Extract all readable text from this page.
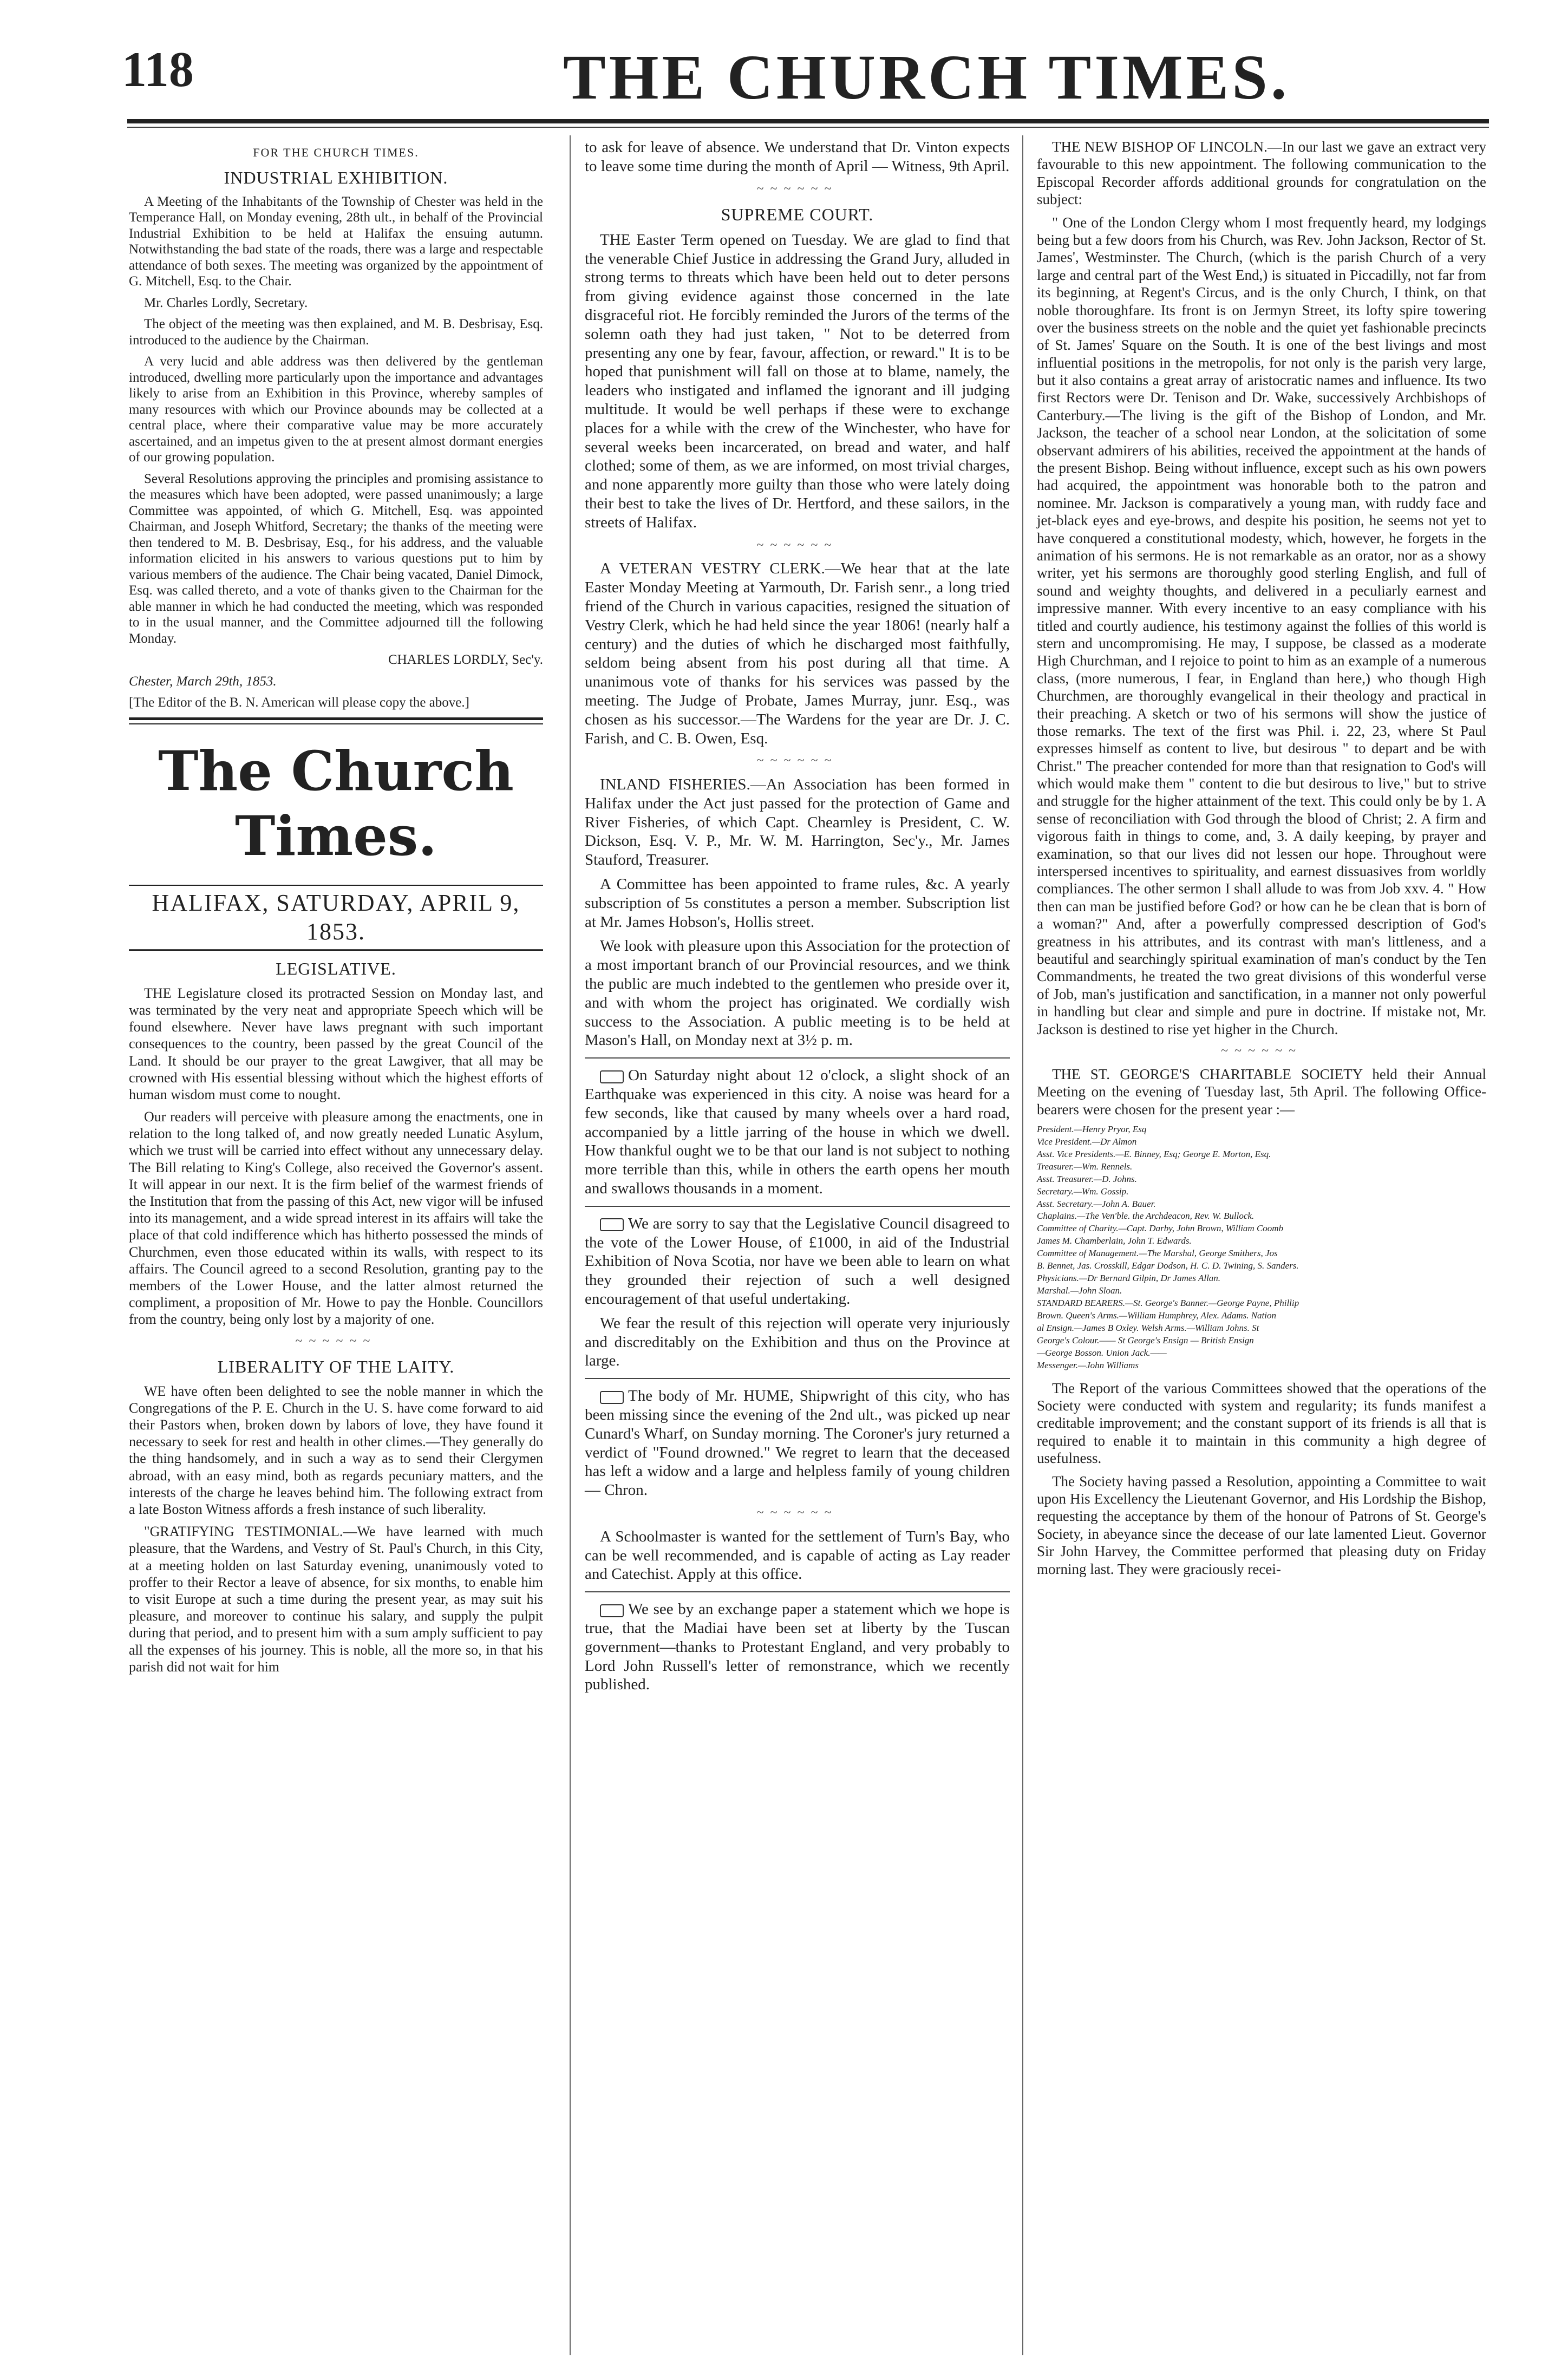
118	THE CHURCH TIMES.
FOR THE CHURCH TIMES.
INDUSTRIAL EXHIBITION.

A Meeting of the Inhabitants of the Township of Chester was held in the Temperance Hall, on Monday evening, 28th ult., in behalf of the Provincial Industrial Exhibition to be held at Halifax the ensuing autumn. Notwithstanding the bad state of the roads, there was a large and respectable attendance of both sexes. The meeting was organized by the appointment of G. Mitchell, Esq. to the Chair.

Mr. Charles Lordly, Secretary.

The object of the meeting was then explained, and M. B. Desbrisay, Esq. introduced to the audience by the Chairman.

A very lucid and able address was then delivered by the gentleman introduced, dwelling more particularly upon the importance and advantages likely to arise from an Exhibition in this Province, whereby samples of many resources with which our Province abounds may be collected at a central place, where their comparative value may be more accurately ascertained, and an impetus given to the at present almost dormant energies of our growing population.

Several Resolutions approving the principles and promising assistance to the measures which have been adopted, were passed unanimously; a large Committee was appointed, of which G. Mitchell, Esq. was appointed Chairman, and Joseph Whitford, Secretary; the thanks of the meeting were then tendered to M. B. Desbrisay, Esq., for his address, and the valuable information elicited in his answers to various questions put to him by various members of the audience. The Chair being vacated, Daniel Dimock, Esq. was called thereto, and a vote of thanks given to the Chairman for the able manner in which he had conducted the meeting, which was responded to in the usual manner, and the Committee adjourned till the following Monday.

CHARLES LORDLY, Sec'y.

Chester, March 29th, 1853.

[The Editor of the B. N. American will please copy the above.]

The Church Times.
HALIFAX, SATURDAY, APRIL 9, 1853.
LEGISLATIVE.

THE Legislature closed its protracted Session on Monday last, and was terminated by the very neat and appropriate Speech which will be found elsewhere. Never have laws pregnant with such important consequences to the country, been passed by the great Council of the Land. It should be our prayer to the great Lawgiver, that all may be crowned with His essential blessing without which the highest efforts of human wisdom must come to nought.

Our readers will perceive with pleasure among the enactments, one in relation to the long talked of, and now greatly needed Lunatic Asylum, which we trust will be carried into effect without any unnecessary delay. The Bill relating to King's College, also received the Governor's assent. It will appear in our next. It is the firm belief of the warmest friends of the Institution that from the passing of this Act, new vigor will be infused into its management, and a wide spread interest in its affairs will take the place of that cold indifference which has hitherto possessed the minds of Churchmen, even those educated within its walls, with respect to its affairs. The Council agreed to a second Resolution, granting pay to the members of the Lower House, and the latter almost returned the compliment, a proposition of Mr. Howe to pay the Honble. Councillors from the country, being only lost by a majority of one.

~~~~~~
LIBERALITY OF THE LAITY.

WE have often been delighted to see the noble manner in which the Congregations of the P. E. Church in the U. S. have come forward to aid their Pastors when, broken down by labors of love, they have found it necessary to seek for rest and health in other climes.—They generally do the thing handsomely, and in such a way as to send their Clergymen abroad, with an easy mind, both as regards pecuniary matters, and the interests of the charge he leaves behind him. The following extract from a late Boston Witness affords a fresh instance of such liberality.

"GRATIFYING TESTIMONIAL.—We have learned with much pleasure, that the Wardens, and Vestry of St. Paul's Church, in this City, at a meeting holden on last Saturday evening, unanimously voted to proffer to their Rector a leave of absence, for six months, to enable him to visit Europe at such a time during the present year, as may suit his pleasure, and moreover to continue his salary, and supply the pulpit during that period, and to present him with a sum amply sufficient to pay all the expenses of his journey. This is noble, all the more so, in that his parish did not wait for him

to ask for leave of absence. We understand that Dr. Vinton expects to leave some time during the month of April — Witness, 9th April.

~~~~~~
SUPREME COURT.

THE Easter Term opened on Tuesday. We are glad to find that the venerable Chief Justice in addressing the Grand Jury, alluded in strong terms to threats which have been held out to deter persons from giving evidence against those concerned in the late disgraceful riot. He forcibly reminded the Jurors of the terms of the solemn oath they had just taken, " Not to be deterred from presenting any one by fear, favour, affection, or reward." It is to be hoped that punishment will fall on those at to blame, namely, the leaders who instigated and inflamed the ignorant and ill judging multitude. It would be well perhaps if these were to exchange places for a while with the crew of the Winchester, who have for several weeks been incarcerated, on bread and water, and half clothed; some of them, as we are informed, on most trivial charges, and none apparently more guilty than those who were lately doing their best to take the lives of Dr. Hertford, and these sailors, in the streets of Halifax.

~~~~~~

A VETERAN VESTRY CLERK.—We hear that at the late Easter Monday Meeting at Yarmouth, Dr. Farish senr., a long tried friend of the Church in various capacities, resigned the situation of Vestry Clerk, which he had held since the year 1806! (nearly half a century) and the duties of which he discharged most faithfully, seldom being absent from his post during all that time. A unanimous vote of thanks for his services was passed by the meeting. The Judge of Probate, James Murray, junr. Esq., was chosen as his successor.—The Wardens for the year are Dr. J. C. Farish, and C. B. Owen, Esq.

~~~~~~

INLAND FISHERIES.—An Association has been formed in Halifax under the Act just passed for the protection of Game and River Fisheries, of which Capt. Chearnley is President, C. W. Dickson, Esq. V. P., Mr. W. M. Harrington, Sec'y., Mr. James Stauford, Treasurer.

A Committee has been appointed to frame rules, &c. A yearly subscription of 5s constitutes a person a member. Subscription list at Mr. James Hobson's, Hollis street.

We look with pleasure upon this Association for the protection of a most important branch of our Provincial resources, and we think the public are much indebted to the gentlemen who preside over it, and with whom the project has originated. We cordially wish success to the Association. A public meeting is to be held at Mason's Hall, on Monday next at 3½ p. m.

On Saturday night about 12 o'clock, a slight shock of an Earthquake was experienced in this city. A noise was heard for a few seconds, like that caused by many wheels over a hard road, accompanied by a little jarring of the house in which we dwell. How thankful ought we to be that our land is not subject to nothing more terrible than this, while in others the earth opens her mouth and swallows thousands in a moment.

We are sorry to say that the Legislative Council disagreed to the vote of the Lower House, of £1000, in aid of the Industrial Exhibition of Nova Scotia, nor have we been able to learn on what they grounded their rejection of such a well designed encouragement of that useful undertaking.

We fear the result of this rejection will operate very injuriously and discreditably on the Exhibition and thus on the Province at large.

The body of Mr. HUME, Shipwright of this city, who has been missing since the evening of the 2nd ult., was picked up near Cunard's Wharf, on Sunday morning. The Coroner's jury returned a verdict of "Found drowned." We regret to learn that the deceased has left a widow and a large and helpless family of young children — Chron.

~~~~~~

A Schoolmaster is wanted for the settlement of Turn's Bay, who can be well recommended, and is capable of acting as Lay reader and Catechist. Apply at this office.

We see by an exchange paper a statement which we hope is true, that the Madiai have been set at liberty by the Tuscan government—thanks to Protestant England, and very probably to Lord John Russell's letter of remonstrance, which we recently published.

THE NEW BISHOP OF LINCOLN.—In our last we gave an extract very favourable to this new appointment. The following communication to the Episcopal Recorder affords additional grounds for congratulation on the subject:

" One of the London Clergy whom I most frequently heard, my lodgings being but a few doors from his Church, was Rev. John Jackson, Rector of St. James', Westminster. The Church, (which is the parish Church of a very large and central part of the West End,) is situated in Piccadilly, not far from its beginning, at Regent's Circus, and is the only Church, I think, on that noble thoroughfare. Its front is on Jermyn Street, its lofty spire towering over the business streets on the noble and the quiet yet fashionable precincts of St. James' Square on the South. It is one of the best livings and most influential positions in the metropolis, for not only is the parish very large, but it also contains a great array of aristocratic names and influence. Its two first Rectors were Dr. Tenison and Dr. Wake, successively Archbishops of Canterbury.—The living is the gift of the Bishop of London, and Mr. Jackson, the teacher of a school near London, at the solicitation of some observant admirers of his abilities, received the appointment at the hands of the present Bishop. Being without influence, except such as his own powers had acquired, the appointment was honorable both to the patron and nominee. Mr. Jackson is comparatively a young man, with ruddy face and jet-black eyes and eye-brows, and despite his position, he seems not yet to have conquered a constitutional modesty, which, however, he forgets in the animation of his sermons. He is not remarkable as an orator, nor as a showy writer, yet his sermons are thoroughly good sterling English, and full of sound and weighty thoughts, and delivered in a peculiarly earnest and impressive manner. With every incentive to an easy compliance with his titled and courtly audience, his testimony against the follies of this world is stern and uncompromising. He may, I suppose, be classed as a moderate High Churchman, and I rejoice to point to him as an example of a numerous class, (more numerous, I fear, in England than here,) who though High Churchmen, are thoroughly evangelical in their theology and practical in their preaching. A sketch or two of his sermons will show the justice of those remarks. The text of the first was Phil. i. 22, 23, where St Paul expresses himself as content to live, but desirous " to depart and be with Christ." The preacher contended for more than that resignation to God's will which would make them " content to die but desirous to live," but to strive and struggle for the higher attainment of the text. This could only be by 1. A sense of reconciliation with God through the blood of Christ; 2. A firm and vigorous faith in things to come, and, 3. A daily keeping, by prayer and examination, so that our lives did not lessen our hope. Throughout were interspersed incentives to spirituality, and earnest dissuasives from worldly compliances. The other sermon I shall allude to was from Job xxv. 4. " How then can man be justified before God? or how can he be clean that is born of a woman?" And, after a powerfully compressed description of God's greatness in his attributes, and its contrast with man's littleness, and a beautiful and searchingly spiritual examination of man's conduct by the Ten Commandments, he treated the two great divisions of this wonderful verse of Job, man's justification and sanctification, in a manner not only powerful in handling but clear and simple and pure in doctrine. If mistake not, Mr. Jackson is destined to rise yet higher in the Church.

~~~~~~

THE ST. GEORGE'S CHARITABLE SOCIETY held their Annual Meeting on the evening of Tuesday last, 5th April. The following Office-bearers were chosen for the present year :—

President.—Henry Pryor, Esq
Vice President.—Dr Almon
Asst. Vice Presidents.—E. Binney, Esq; George E. Morton, Esq.
Treasurer.—Wm. Rennels.
Asst. Treasurer.—D. Johns.
Secretary.—Wm. Gossip.
Asst. Secretary.—John A. Bauer.
Chaplains.—The Ven'ble. the Archdeacon, Rev. W. Bullock.
Committee of Charity.—Capt. Darby, John Brown, William Coomb
James M. Chamberlain, John T. Edwards.
Committee of Management.—The Marshal, George Smithers, Jos
B. Bennet, Jas. Crosskill, Edgar Dodson, H. C. D. Twining, S. Sanders.
Physicians.—Dr Bernard Gilpin, Dr James Allan.
Marshal.—John Sloan.
STANDARD BEARERS.—St. George's Banner.—George Payne, Phillip
Brown. Queen's Arms.—William Humphrey, Alex. Adams. Nation
al Ensign.—James B Oxley. Welsh Arms.—William Johns. St
George's Colour.—— St George's Ensign — British Ensign
—George Bosson. Union Jack.——
Messenger.—John Williams

The Report of the various Committees showed that the operations of the Society were conducted with system and regularity; its funds manifest a creditable improvement; and the constant support of its friends is all that is required to enable it to maintain in this community a high degree of usefulness.

The Society having passed a Resolution, appointing a Committee to wait upon His Excellency the Lieutenant Governor, and His Lordship the Bishop, requesting the acceptance by them of the honour of Patrons of St. George's Society, in abeyance since the decease of our late lamented Lieut. Governor Sir John Harvey, the Committee performed that pleasing duty on Friday morning last. They were graciously recei-
